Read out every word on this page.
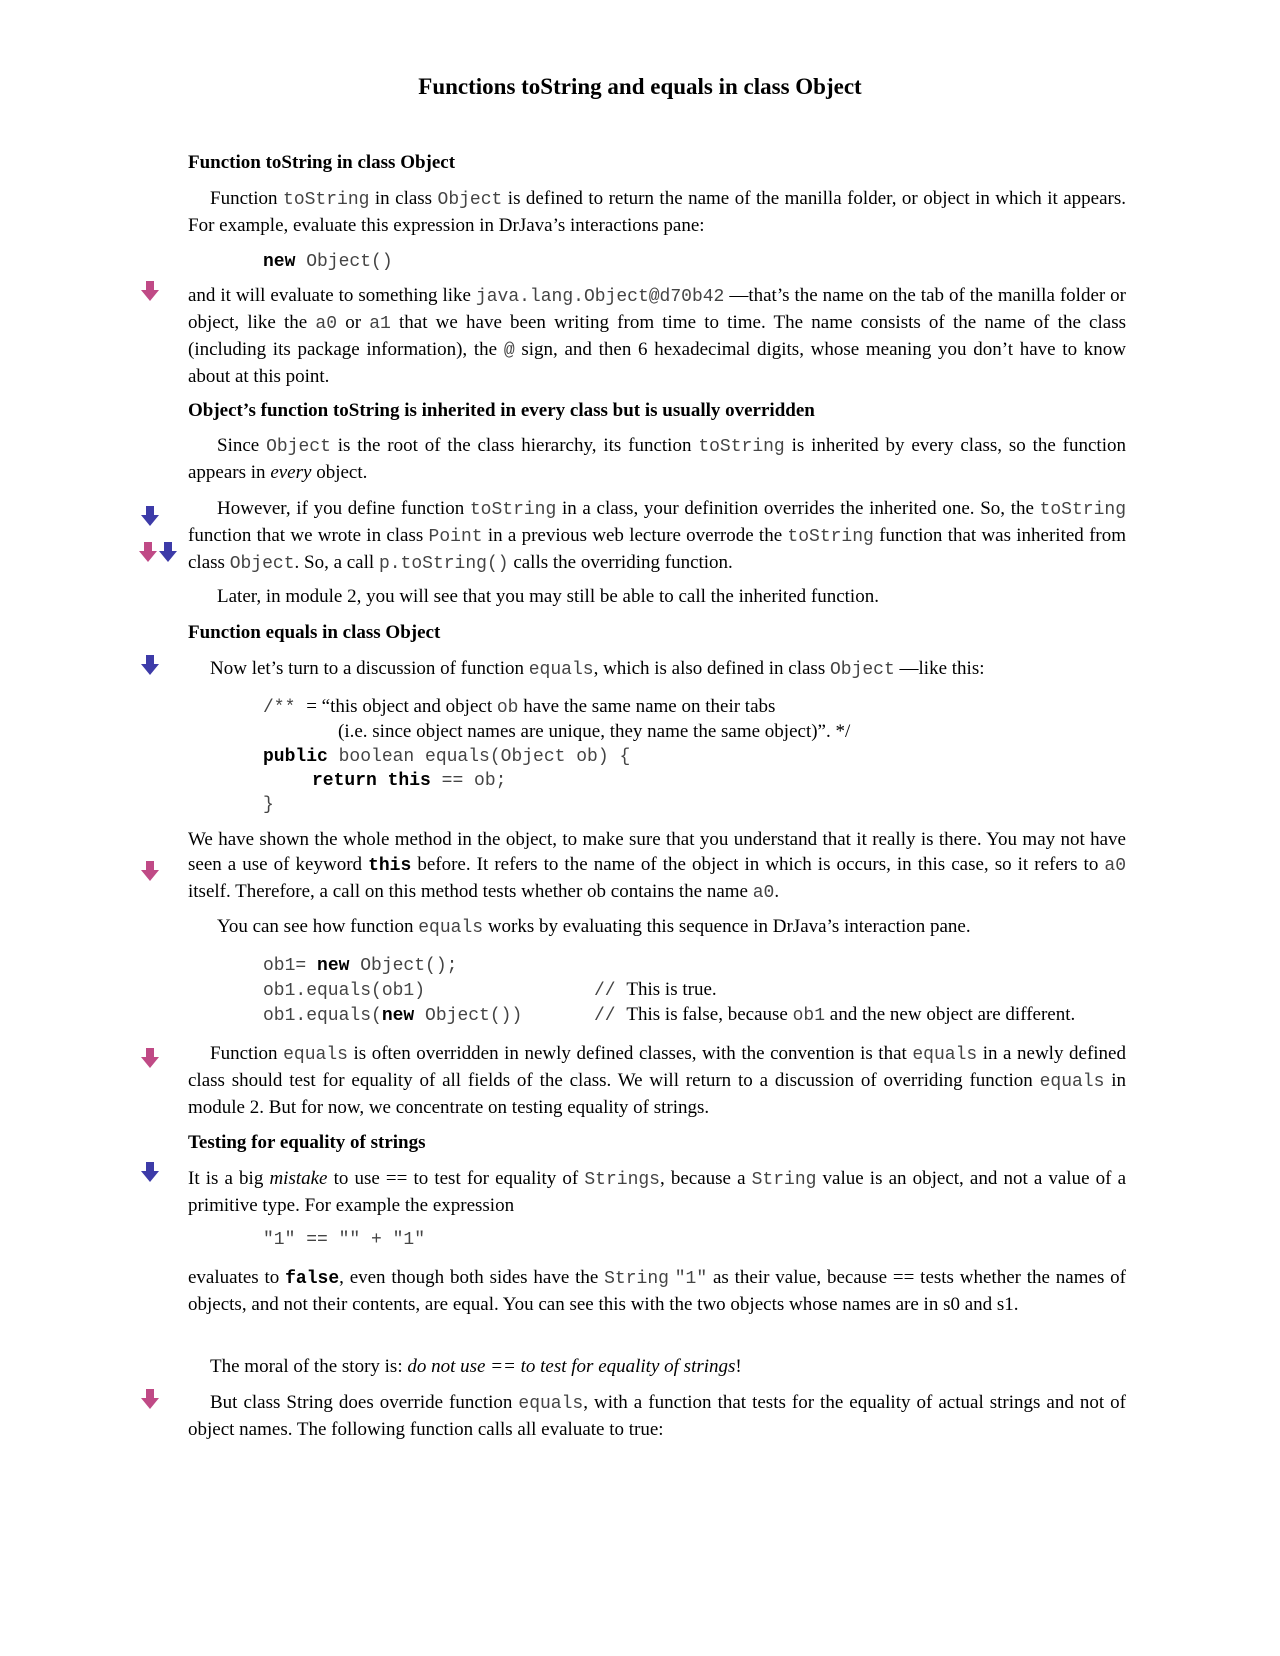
Functions toString and equals in class Object
Function toString in class Object
Function toString in class Object is defined to return the name of the manilla folder, or object in which it appears. For example, evaluate this expression in DrJava’s interactions pane:
new Object()
and it will evaluate to something like java.lang.Object@d70b42 —that’s the name on the tab of the manilla folder or object, like the a0 or a1 that we have been writing from time to time. The name consists of the name of the class (including its package information), the @ sign, and then 6 hexadecimal digits, whose meaning you don’t have to know about at this point.
Object’s function toString is inherited in every class but is usually overridden
Since Object is the root of the class hierarchy, its function toString is inherited by every class, so the function appears in every object.
However, if you define function toString in a class, your definition overrides the inherited one. So, the toString function that we wrote in class Point in a previous web lecture overrode the toString function that was inherited from class Object. So, a call p.toString() calls the overriding function.
Later, in module 2, you will see that you may still be able to call the inherited function.
Function equals in class Object
Now let’s turn to a discussion of function equals, which is also defined in class Object —like this:
/** = “this object and object ob have the same name on their tabs
(i.e. since object names are unique, they name the same object)”. */
public boolean equals(Object ob) {
return this == ob;
}
We have shown the whole method in the object, to make sure that you understand that it really is there. You may not have seen a use of keyword this before. It refers to the name of the object in which is occurs, in this case, so it refers to a0 itself. Therefore, a call on this method tests whether ob contains the name a0.
You can see how function equals works by evaluating this sequence in DrJava’s interaction pane.
ob1= new Object();
ob1.equals(ob1)	// This is true.
ob1.equals(new Object())	// This is false, because ob1 and the new object are different.
Function equals is often overridden in newly defined classes, with the convention is that equals in a newly defined class should test for equality of all fields of the class. We will return to a discussion of overriding function equals in module 2. But for now, we concentrate on testing equality of strings.
Testing for equality of strings
It is a big mistake to use == to test for equality of Strings, because a String value is an object, and not a value of a primitive type. For example the expression
"1" == "" + "1"
evaluates to false, even though both sides have the String "1" as their value, because == tests whether the names of objects, and not their contents, are equal. You can see this with the two objects whose names are in s0 and s1.
The moral of the story is: do not use == to test for equality of strings!
But class String does override function equals, with a function that tests for the equality of actual strings and not of object names. The following function calls all evaluate to true:
